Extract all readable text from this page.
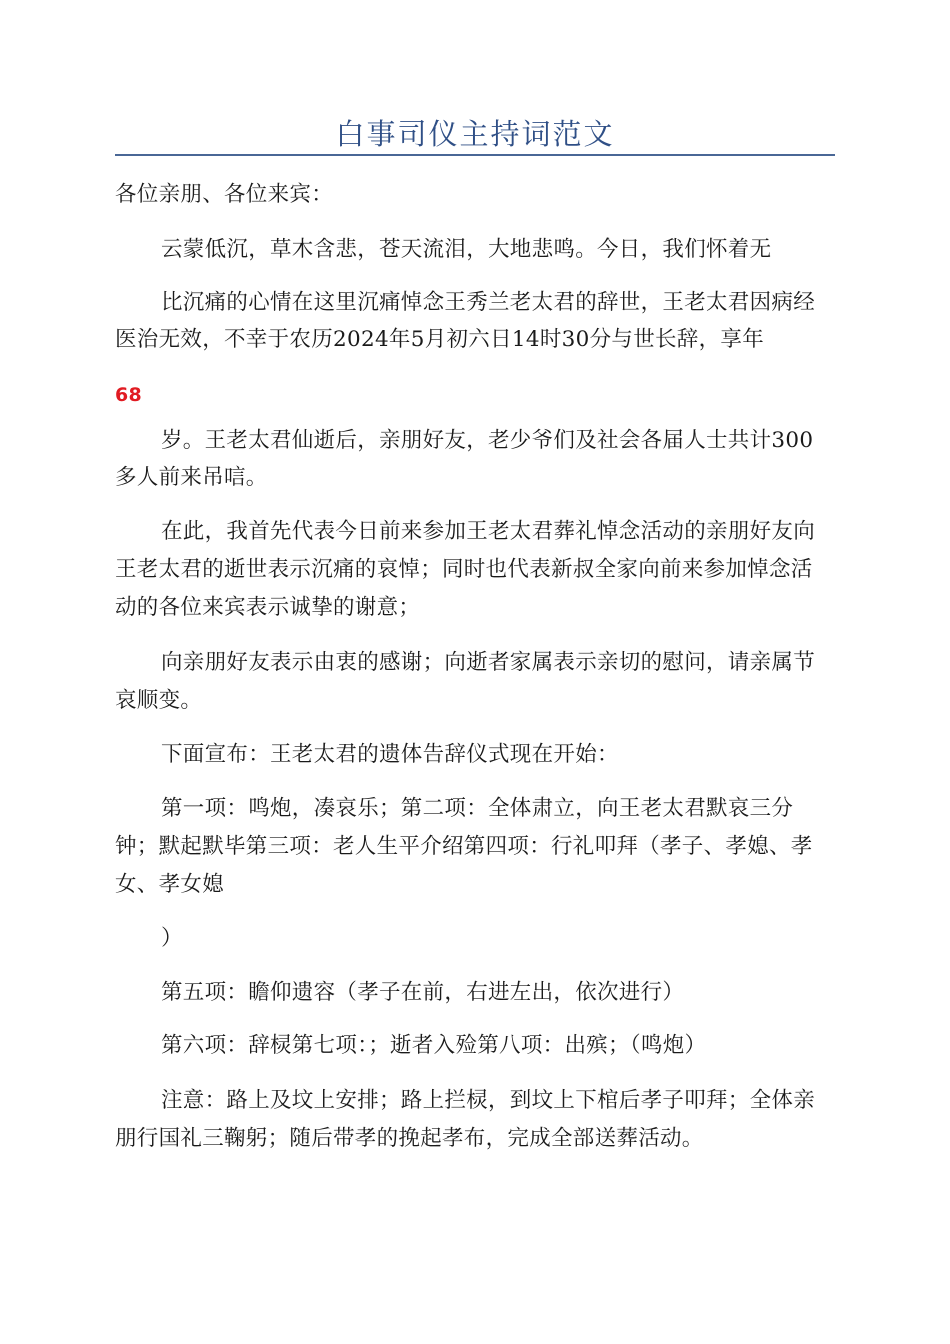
白事司仪主持词范文
各位亲朋、各位来宾：
云蒙低沉，草木含悲，苍天流泪，大地悲鸣。今日，我们怀着无
比沉痛的心情在这里沉痛悼念王秀兰老太君的辞世，王老太君因病经
医治无效，不幸于农历2024年5月初六日14时30分与世长辞，享年
68
岁。王老太君仙逝后，亲朋好友，老少爷们及社会各届人士共计300
多人前来吊唁。
在此，我首先代表今日前来参加王老太君葬礼悼念活动的亲朋好友向
王老太君的逝世表示沉痛的哀悼；同时也代表新叔全家向前来参加悼念活
动的各位来宾表示诚挚的谢意；
向亲朋好友表示由衷的感谢；向逝者家属表示亲切的慰问，请亲属节
哀顺变。
下面宣布：王老太君的遗体告辞仪式现在开始：
第一项：鸣炮，凑哀乐；第二项：全体肃立，向王老太君默哀三分
钟；默起默毕第三项：老人生平介绍第四项：行礼叩拜（孝子、孝媳、孝
女、孝女媳
）
第五项：瞻仰遗容（孝子在前，右进左出，依次进行）
第六项：辞棂第七项：；逝者入殓第八项：出殡；（鸣炮）
注意：路上及坟上安排；路上拦棂，到坟上下棺后孝子叩拜；全体亲
朋行国礼三鞠躬；随后带孝的挽起孝布，完成全部送葬活动。
